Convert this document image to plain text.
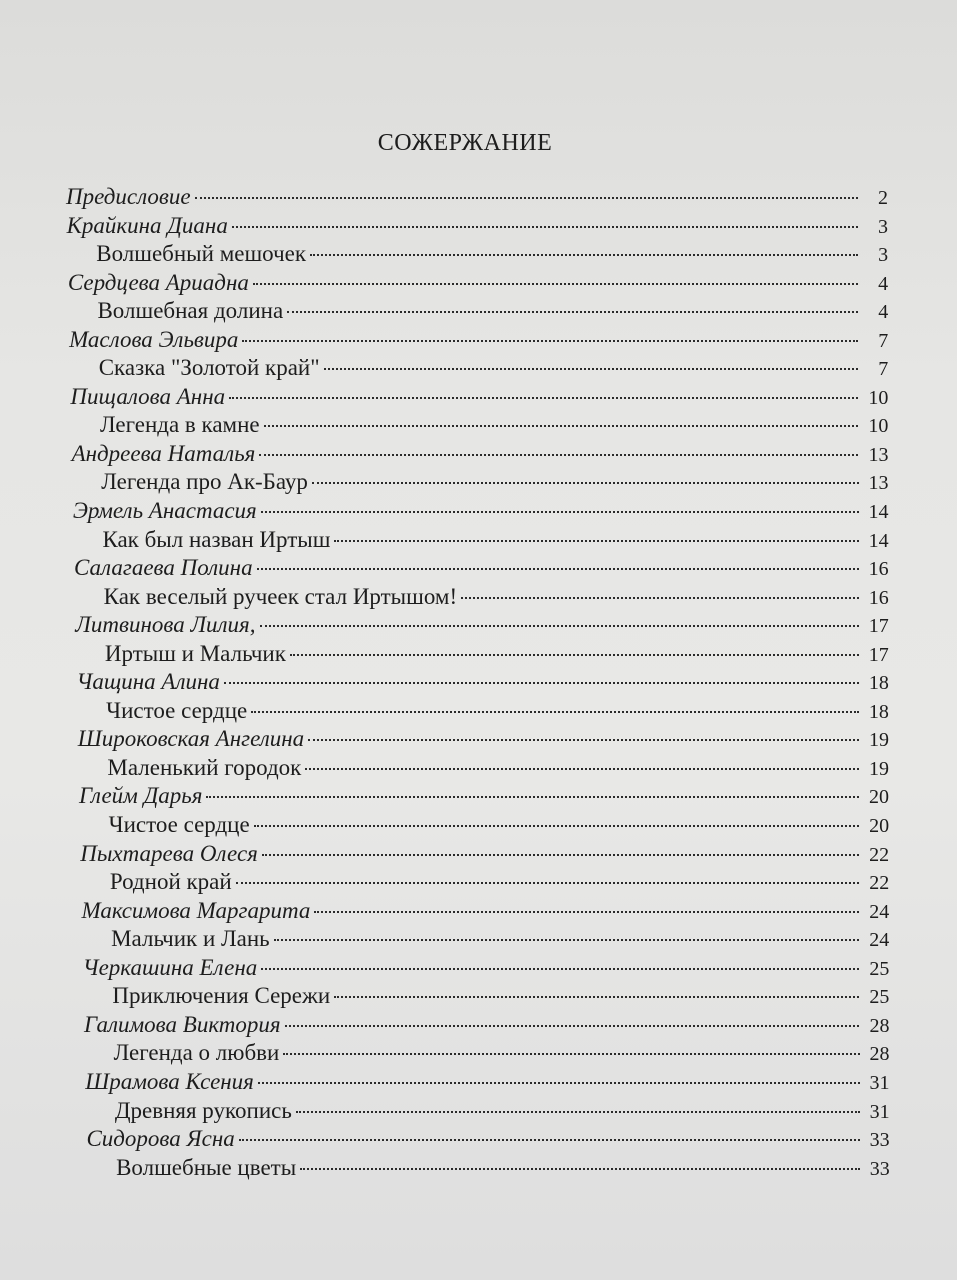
СОЖЕРЖАНИЕ
Предисловие	2
Крайкина Диана	3
Волшебный мешочек	3
Сердцева Ариадна	4
Волшебная долина	4
Маслова Эльвира	7
Сказка "Золотой край"	7
Пищалова Анна	10
Легенда в камне	10
Андреева Наталья	13
Легенда про Ак-Баур	13
Эрмель Анастасия	14
Как был назван Иртыш	14
Салагаева Полина	16
Как веселый ручеек стал Иртышом!	16
Литвинова Лилия,	17
Иртыш и Мальчик	17
Чащина Алина	18
Чистое сердце	18
Широковская Ангелина	19
Маленький городок	19
Глейм Дарья	20
Чистое сердце	20
Пыхтарева Олеся	22
Родной край	22
Максимова Маргарита	24
Мальчик и Лань	24
Черкашина Елена	25
Приключения Сережи	25
Галимова Виктория	28
Легенда о любви	28
Шрамова Ксения	31
Древняя рукопись	31
Сидорова Ясна	33
Волшебные цветы	33
